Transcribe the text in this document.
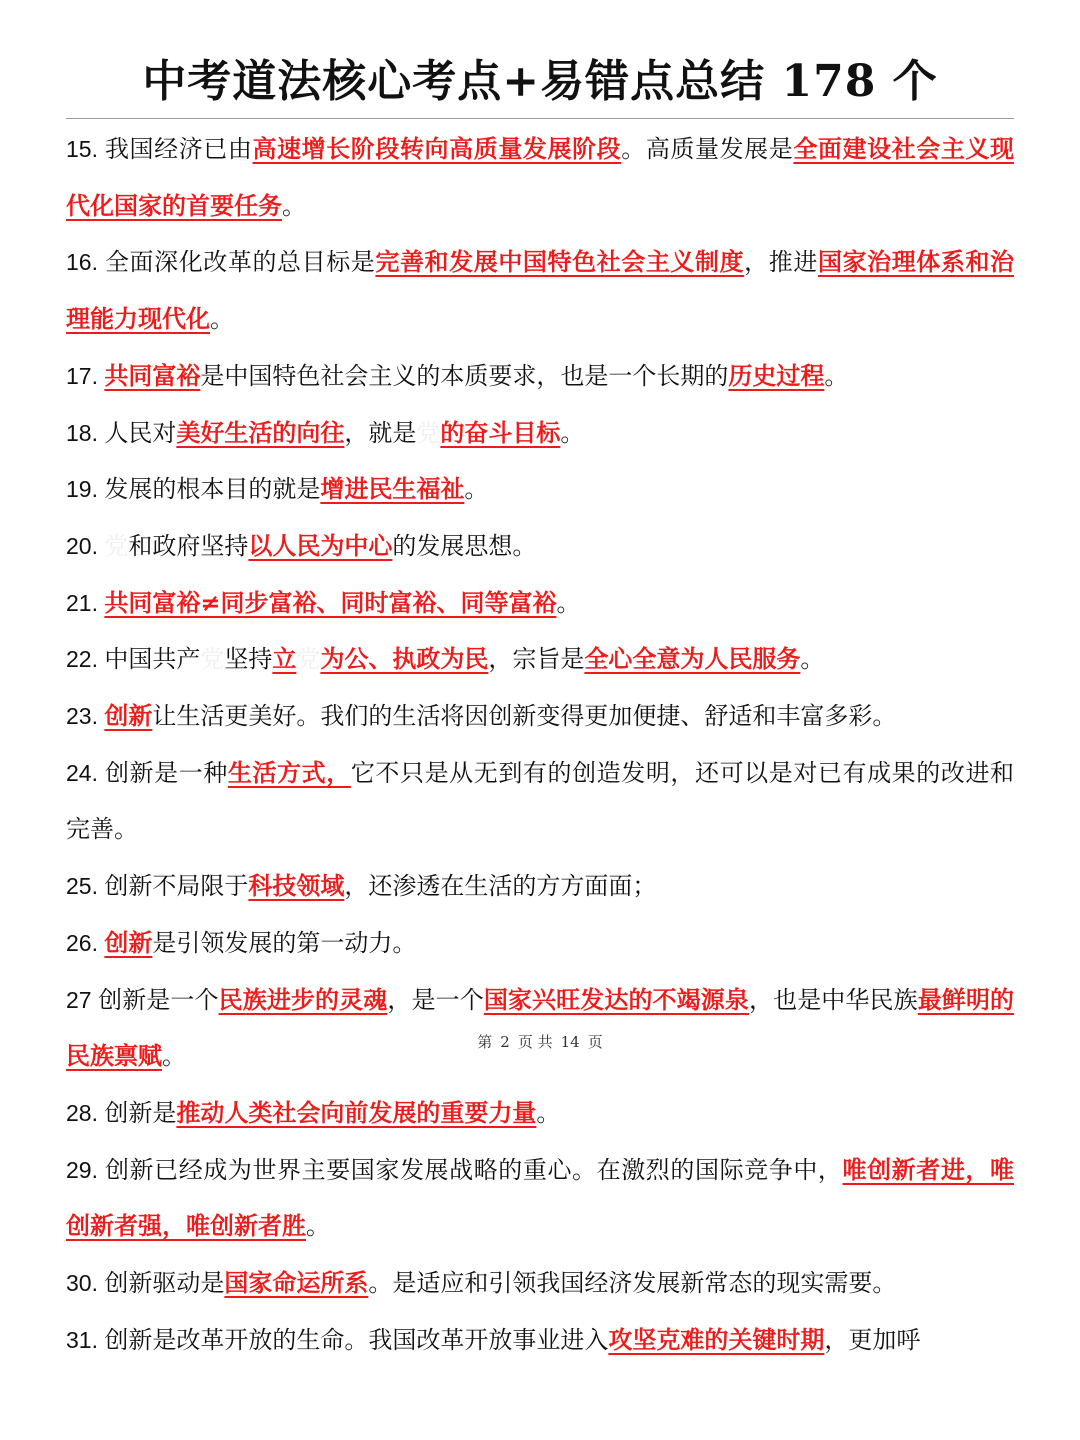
中考道法核心考点+易错点总结 178 个

15. 我国经济已由高速增长阶段转向高质量发展阶段。高质量发展是全面建设社会主义现代化国家的首要任务。

16. 全面深化改革的总目标是完善和发展中国特色社会主义制度，推进国家治理体系和治理能力现代化。

17. 共同富裕是中国特色社会主义的本质要求，也是一个长期的历史过程。

18. 人民对美好生活的向往，就是党的奋斗目标。

19. 发展的根本目的就是增进民生福祉。

20. 党和政府坚持以人民为中心的发展思想。

21. 共同富裕≠同步富裕、同时富裕、同等富裕。

22. 中国共产党坚持立党为公、执政为民，宗旨是全心全意为人民服务。

23. 创新让生活更美好。我们的生活将因创新变得更加便捷、舒适和丰富多彩。

24. 创新是一种生活方式，它不只是从无到有的创造发明，还可以是对已有成果的改进和完善。

25. 创新不局限于科技领域，还渗透在生活的方方面面；

26. 创新是引领发展的第一动力。

27 创新是一个民族进步的灵魂，是一个国家兴旺发达的不竭源泉，也是中华民族最鲜明的民族禀赋。

28. 创新是推动人类社会向前发展的重要力量。

29. 创新已经成为世界主要国家发展战略的重心。在激烈的国际竞争中，唯创新者进，唯创新者强，唯创新者胜。

30. 创新驱动是国家命运所系。是适应和引领我国经济发展新常态的现实需要。

31. 创新是改革开放的生命。我国改革开放事业进入攻坚克难的关键时期，更加呼

第 2 页 共 14 页
